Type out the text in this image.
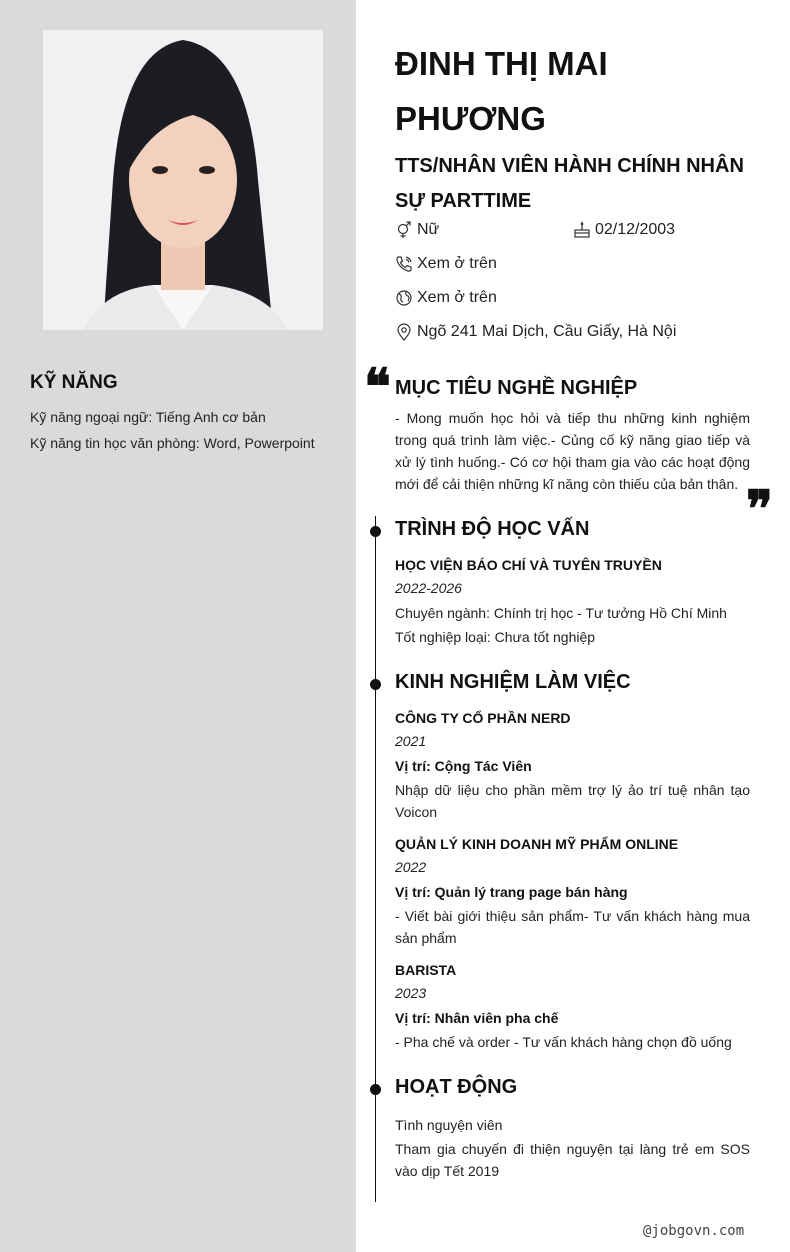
KỸ NĂNG
Kỹ năng ngoại ngữ: Tiếng Anh cơ bản
Kỹ năng tin học văn phòng: Word, Powerpoint
ĐINH THỊ MAI PHƯƠNG
TTS/NHÂN VIÊN HÀNH CHÍNH NHÂN SỰ PARTTIME
Nữ	02/12/2003
Xem ở trên
Xem ở trên
Ngõ 241 Mai Dịch, Cầu Giấy, Hà Nội
❝ MỤC TIÊU NGHỀ NGHIỆP

- Mong muốn học hỏi và tiếp thu những kinh nghiệm trong quá trình làm việc.- Củng cố kỹ năng giao tiếp và xử lý tình huống.- Có cơ hội tham gia vào các hoạt động mới để cải thiện những kĩ năng còn thiếu của bản thân. ❞
TRÌNH ĐỘ HỌC VẤN
HỌC VIỆN BÁO CHÍ VÀ TUYÊN TRUYỀN
2022-2026
Chuyên ngành: Chính trị học - Tư tưởng Hồ Chí Minh
Tốt nghiệp loại: Chưa tốt nghiệp
KINH NGHIỆM LÀM VIỆC
CÔNG TY CỔ PHẦN NERD
2021
Vị trí: Cộng Tác Viên

Nhập dữ liệu cho phần mềm trợ lý ảo trí tuệ nhân tạo Voicon

QUẢN LÝ KINH DOANH MỸ PHẨM ONLINE
2022
Vị trí: Quản lý trang page bán hàng

- Viết bài giới thiệu sản phẩm- Tư vấn khách hàng mua sản phẩm

BARISTA
2023
Vị trí: Nhân viên pha chế

- Pha chế và order - Tư vấn khách hàng chọn đồ uống

HOẠT ĐỘNG
Tình nguyện viên

Tham gia chuyến đi thiện nguyện tại làng trẻ em SOS vào dịp Tết 2019

@jobgovn.com
